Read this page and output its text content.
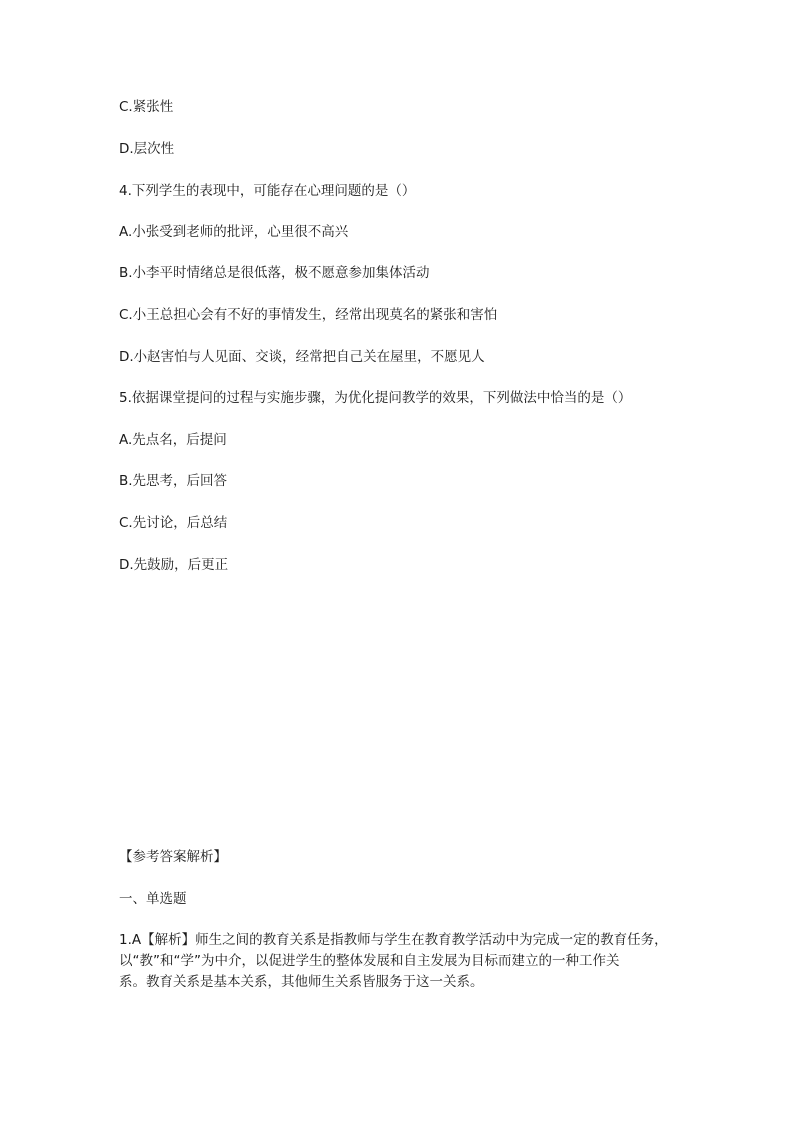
C.紧张性
D.层次性
4.下列学生的表现中，可能存在心理问题的是（）
A.小张受到老师的批评，心里很不高兴
B.小李平时情绪总是很低落，极不愿意参加集体活动
C.小王总担心会有不好的事情发生，经常出现莫名的紧张和害怕
D.小赵害怕与人见面、交谈，经常把自己关在屋里，不愿见人
5.依据课堂提问的过程与实施步骤，为优化提问教学的效果，下列做法中恰当的是（）
A.先点名，后提问
B.先思考，后回答
C.先讨论，后总结
D.先鼓励，后更正
【参考答案解析】
一、单选题
1.A【解析】师生之间的教育关系是指教师与学生在教育教学活动中为完成一定的教育任务，
以“教”和“学”为中介，以促进学生的整体发展和自主发展为目标而建立的一种工作关
系。教育关系是基本关系，其他师生关系皆服务于这一关系。
